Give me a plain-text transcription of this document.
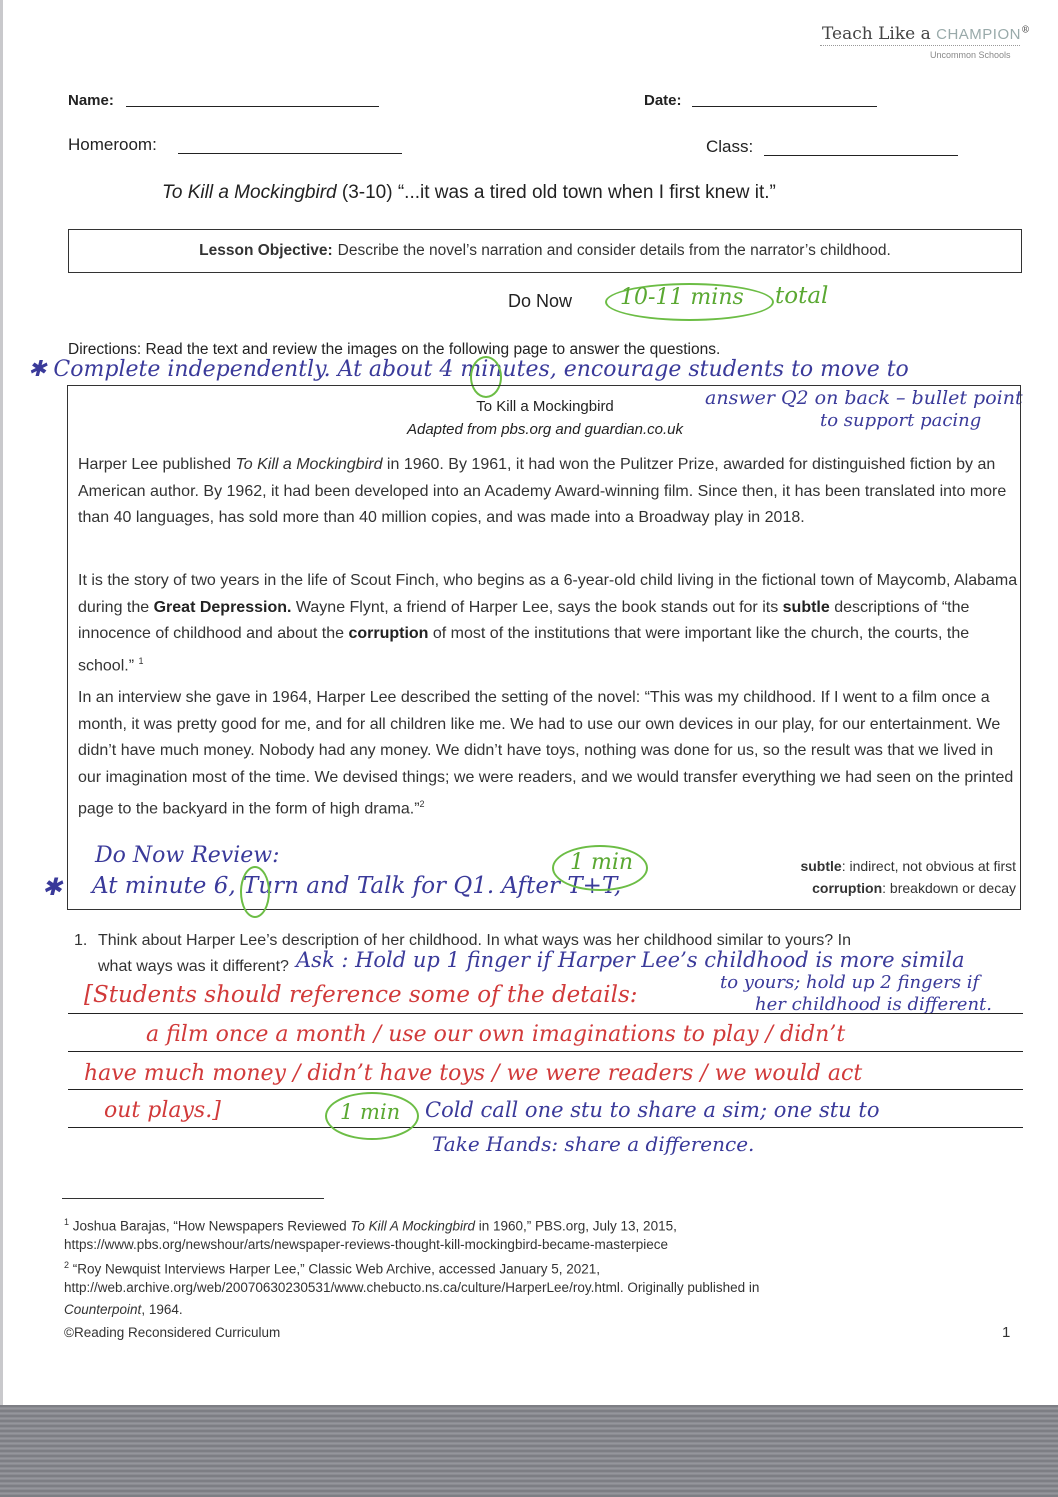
Teach Like a CHAMPION®
Uncommon Schools
Name:	Date:
Homeroom:	Class:
To Kill a Mockingbird (3-10) “...it was a tired old town when I first knew it.”
Lesson Objective: Describe the novel’s narration and consider details from the narrator’s childhood.
Do Now 10-11 mins total
Directions: Read the text and review the images on the following page to answer the questions.
✱ Complete independently. At about 4 minutes, encourage students to move to
answer Q2 on back – bullet point
to support pacing
To Kill a Mockingbird
Adapted from pbs.org and guardian.co.uk
Harper Lee published To Kill a Mockingbird in 1960. By 1961, it had won the Pulitzer Prize, awarded for distinguished fiction by an American author. By 1962, it had been developed into an Academy Award-winning film. Since then, it has been translated into more than 40 languages, has sold more than 40 million copies, and was made into a Broadway play in 2018.
It is the story of two years in the life of Scout Finch, who begins as a 6-year-old child living in the fictional town of Maycomb, Alabama during the Great Depression. Wayne Flynt, a friend of Harper Lee, says the book stands out for its subtle descriptions of “the innocence of childhood and about the corruption of most of the institutions that were important like the church, the courts, the school.” $^1$
In an interview she gave in 1964, Harper Lee described the setting of the novel: “This was my childhood. If I went to a film once a month, it was pretty good for me, and for all children like me. We had to use our own devices in our play, for our entertainment. We didn’t have much money. Nobody had any money. We didn’t have toys, nothing was done for us, so the result was that we lived in our imagination most of the time. We devised things; we were readers, and we would transfer everything we had seen on the printed page to the backyard in the form of high drama.”$^2$
Do Now Review:
✱ At minute 6, Turn and Talk for Q1. After T+T,
1 min	subtle: indirect, not obvious at first
corruption: breakdown or decay
1. Think about Harper Lee’s description of her childhood. In what ways was her childhood similar to yours? In
what ways was it different? Ask : Hold up 1 finger if Harper Lee’s childhood is more simila
to yours; hold up 2 fingers if
her childhood is different.
[Students should reference some of the details:
a film once a month / use our own imaginations to play / didn’t
have much money / didn’t have toys / we were readers / we would act
out plays.]	1 min Cold call one stu to share a sim; one stu to
Take Hands: share a difference.
$^1$ Joshua Barajas, “How Newspapers Reviewed To Kill A Mockingbird in 1960,” PBS.org, July 13, 2015,
https://www.pbs.org/newshour/arts/newspaper-reviews-thought-kill-mockingbird-became-masterpiece
$^2$ “Roy Newquist Interviews Harper Lee,” Classic Web Archive, accessed January 5, 2021,
http://web.archive.org/web/20070630230531/www.chebucto.ns.ca/culture/HarperLee/roy.html. Originally published in
Counterpoint, 1964.
©Reading Reconsidered Curriculum	1
